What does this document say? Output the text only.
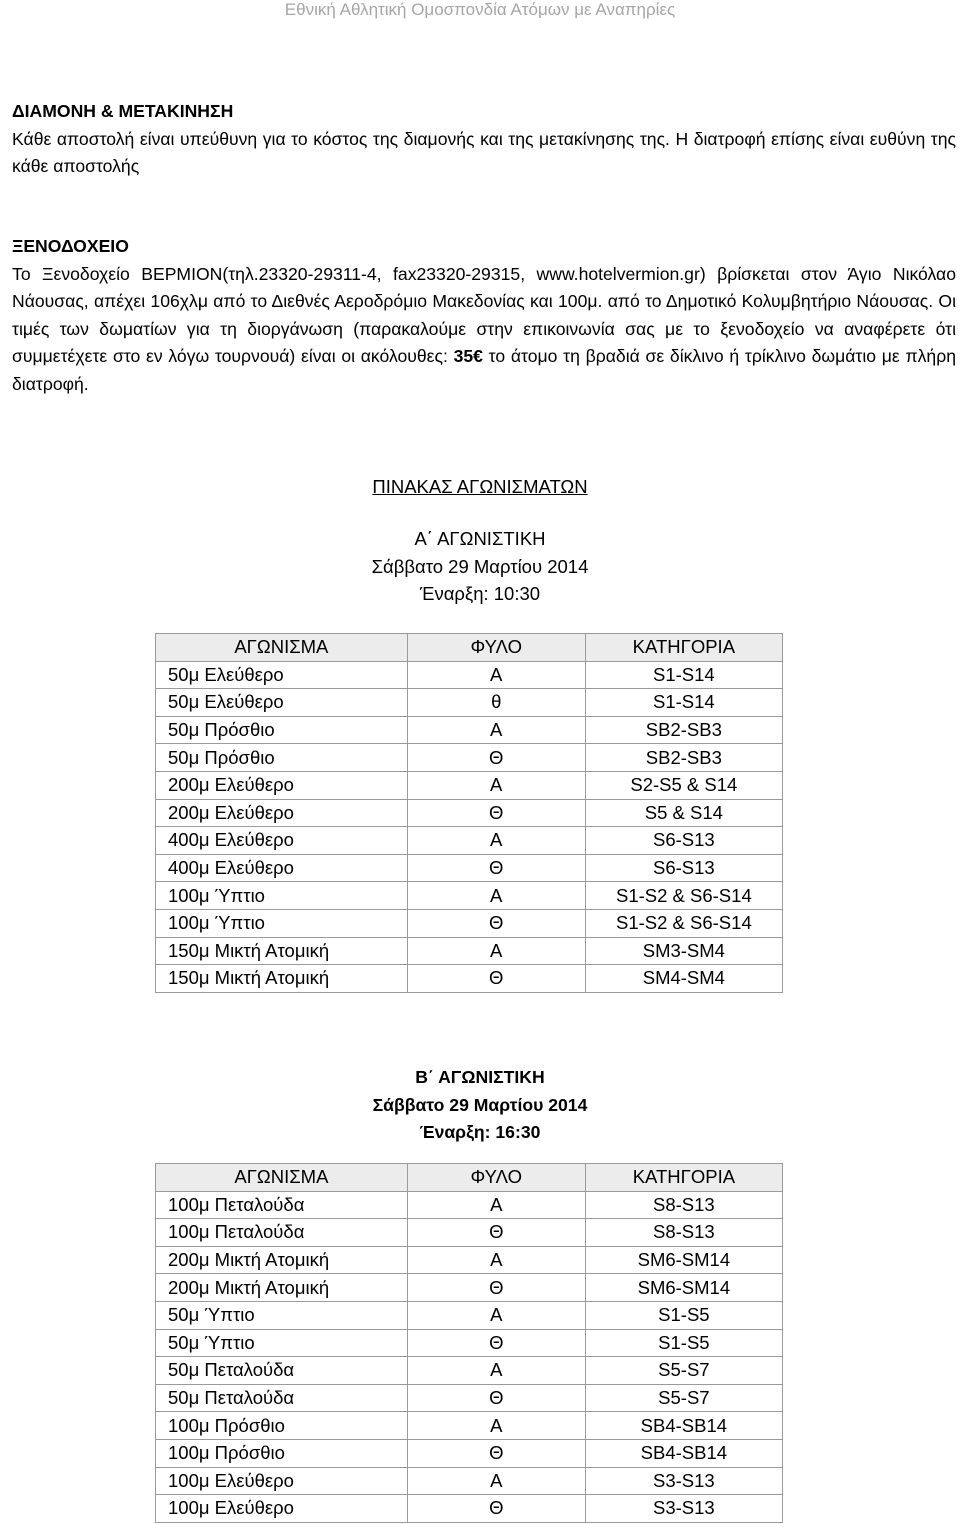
Εθνική Αθλητική Ομοσπονδία Ατόμων με Αναπηρίες
ΔΙΑΜΟΝΗ & ΜΕΤΑΚΙΝΗΣΗ
Κάθε αποστολή είναι υπεύθυνη για το κόστος της διαμονής και της μετακίνησης της. Η διατροφή επίσης είναι ευθύνη της κάθε αποστολής
ΞΕΝΟΔΟΧΕΙΟ
Το Ξενοδοχείο ΒΕΡΜΙΟΝ(τηλ.23320-29311-4, fax23320-29315, www.hotelvermion.gr) βρίσκεται στον Άγιο Νικόλαο Νάουσας, απέχει 106χλμ από το Διεθνές Αεροδρόμιο Μακεδονίας και 100μ. από το Δημοτικό Κολυμβητήριο Νάουσας. Οι τιμές των δωματίων για τη διοργάνωση (παρακαλούμε στην επικοινωνία σας με το ξενοδοχείο να αναφέρετε ότι συμμετέχετε στο εν λόγω τουρνουά) είναι οι ακόλουθες: 35€ το άτομο τη βραδιά σε δίκλινο ή τρίκλινο δωμάτιο με πλήρη διατροφή.
ΠΙΝΑΚΑΣ ΑΓΩΝΙΣΜΑΤΩΝ
Α΄ ΑΓΩΝΙΣΤΙΚΗ
Σάββατο 29 Μαρτίου 2014
Έναρξη: 10:30
ΑΓΩΝΙΣΜΑ	ΦΥΛΟ	ΚΑΤΗΓΟΡΙΑ
50μ Ελεύθερο	Α	S1-S14
50μ Ελεύθερο	θ	S1-S14
50μ Πρόσθιο	Α	SB2-SB3
50μ Πρόσθιο	Θ	SB2-SB3
200μ Ελεύθερο	Α	S2-S5 & S14
200μ Ελεύθερο	Θ	S5 & S14
400μ Ελεύθερο	Α	S6-S13
400μ Ελεύθερο	Θ	S6-S13
100μ Ύπτιο	Α	S1-S2 & S6-S14
100μ Ύπτιο	Θ	S1-S2 & S6-S14
150μ Μικτή Ατομική	Α	SM3-SM4
150μ Μικτή Ατομική	Θ	SM4-SM4
Β΄ ΑΓΩΝΙΣΤΙΚΗ
Σάββατο 29 Μαρτίου 2014
Έναρξη: 16:30
ΑΓΩΝΙΣΜΑ	ΦΥΛΟ	ΚΑΤΗΓΟΡΙΑ
100μ Πεταλούδα	Α	S8-S13
100μ Πεταλούδα	Θ	S8-S13
200μ Μικτή Ατομική	Α	SM6-SM14
200μ Μικτή Ατομική	Θ	SM6-SM14
50μ Ύπτιο	Α	S1-S5
50μ Ύπτιο	Θ	S1-S5
50μ Πεταλούδα	Α	S5-S7
50μ Πεταλούδα	Θ	S5-S7
100μ Πρόσθιο	Α	SB4-SB14
100μ Πρόσθιο	Θ	SB4-SB14
100μ Ελεύθερο	Α	S3-S13
100μ Ελεύθερο	Θ	S3-S13
